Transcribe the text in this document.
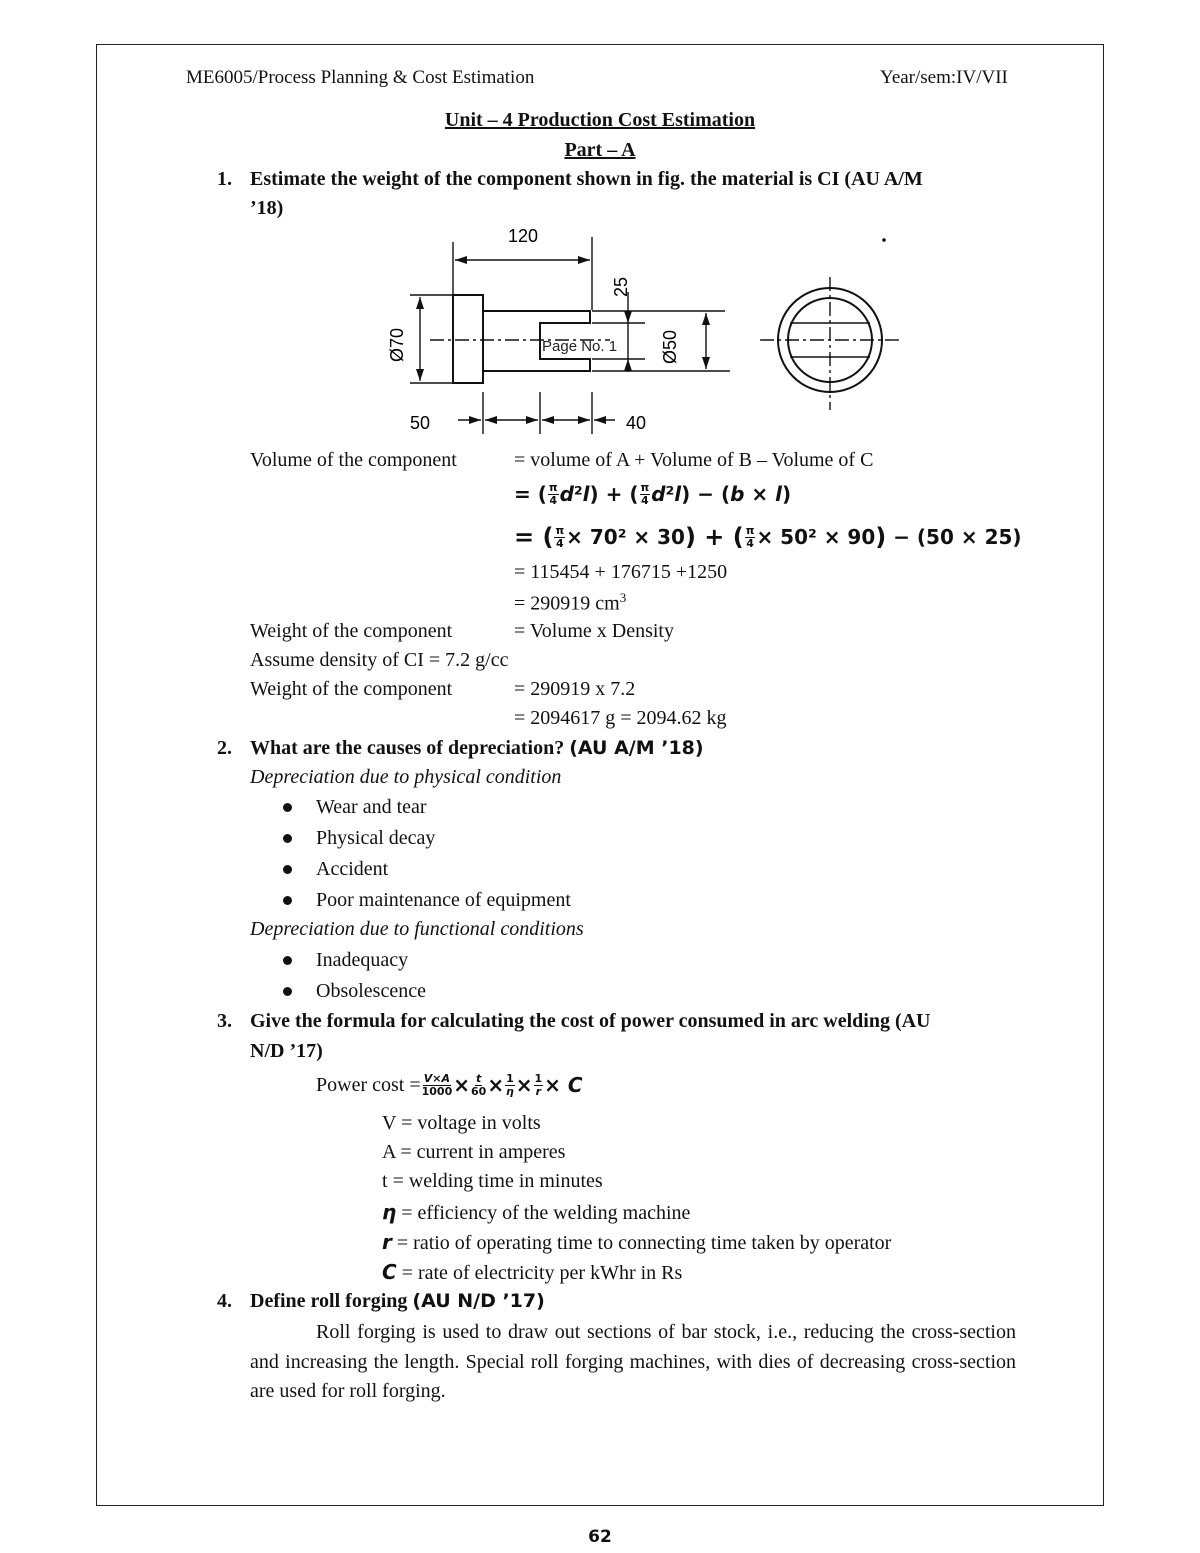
ME6005/Process Planning & Cost Estimation	Year/sem:IV/VII
Unit – 4 Production Cost Estimation
Part – A
1. Estimate the weight of the component shown in fig. the material is CI (AU A/M
’18)
120
25
Ø70	Ø50
50	40
Page No. 1
Volume of the component	= volume of A + Volume of B – Volume of C
= ( $\frac{\pi}{4} d^2l$) + ( $\frac{\pi}{4} d^2l) - (b \times l)$
= ( $\frac{\pi}{4} \times 70^2 \times 30$ ) + ( $\frac{\pi}{4} \times 50^2 \times 90$ ) − (50 × 25)
= 115454 + 176715 +1250
= 290919 $cm^3$
Weight of the component	= Volume x Density
Assume density of CI = 7.2 g/cc
Weight of the component	= 290919 x 7.2
= 2094617 g = 2094.62 kg
2. What are the causes of depreciation? (AU A/M ’18)
Depreciation due to physical condition
Wear and tear
Physical decay
Accident
Poor maintenance of equipment
Depreciation due to functional conditions
Inadequacy
Obsolescence
3. Give the formula for calculating the cost of power consumed in arc welding (AU
N/D ’17)
Power $\cos t = \frac{V\times A}{1000} \times \frac{t}{60} \times \frac{1}{\eta} \times \frac{1}{r} \times C$
V = voltage in volts
A = current in amperes
t = welding time in minutes
η = efficiency of the welding machine
r = ratio of operating time to connecting time taken by operator
C = rate of electricity per kWhr in Rs
4. Define roll forging (AU N/D ’17)
Roll forging is used to draw out sections of bar stock, i.e., reducing the cross-section and increasing the length. Special roll forging machines, with dies of decreasing cross-section are used for roll forging.
62
